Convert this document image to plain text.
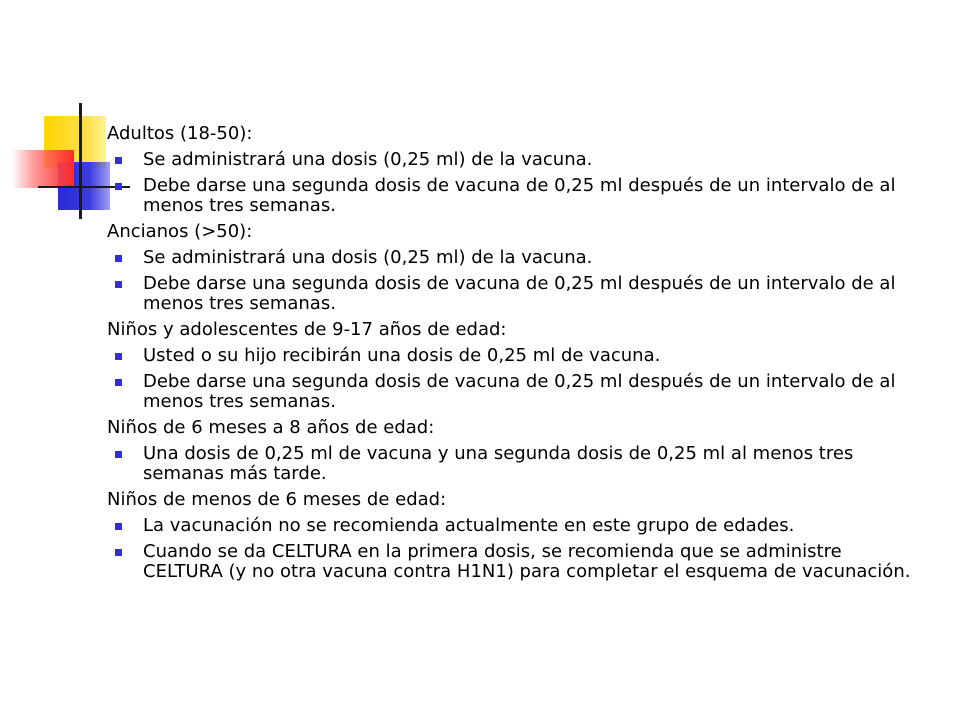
Adultos (18-50):
Se administrará una dosis (0,25 ml) de la vacuna.
Debe darse una segunda dosis de vacuna de 0,25 ml después de un intervalo de al menos tres semanas.
Ancianos (>50):
Se administrará una dosis (0,25 ml) de la vacuna.
Debe darse una segunda dosis de vacuna de 0,25 ml después de un intervalo de al menos tres semanas.
Niños y adolescentes de 9-17 años de edad:
Usted o su hijo recibirán una dosis de 0,25 ml de vacuna.
Debe darse una segunda dosis de vacuna de 0,25 ml después de un intervalo de al menos tres semanas.
Niños de 6 meses a 8 años de edad:
Una dosis de 0,25 ml de vacuna y una segunda dosis de 0,25 ml al menos tres semanas más tarde.
Niños de menos de 6 meses de edad:
La vacunación no se recomienda actualmente en este grupo de edades.
Cuando se da CELTURA en la primera dosis, se recomienda que se administre CELTURA (y no otra vacuna contra H1N1) para completar el esquema de vacunación.
